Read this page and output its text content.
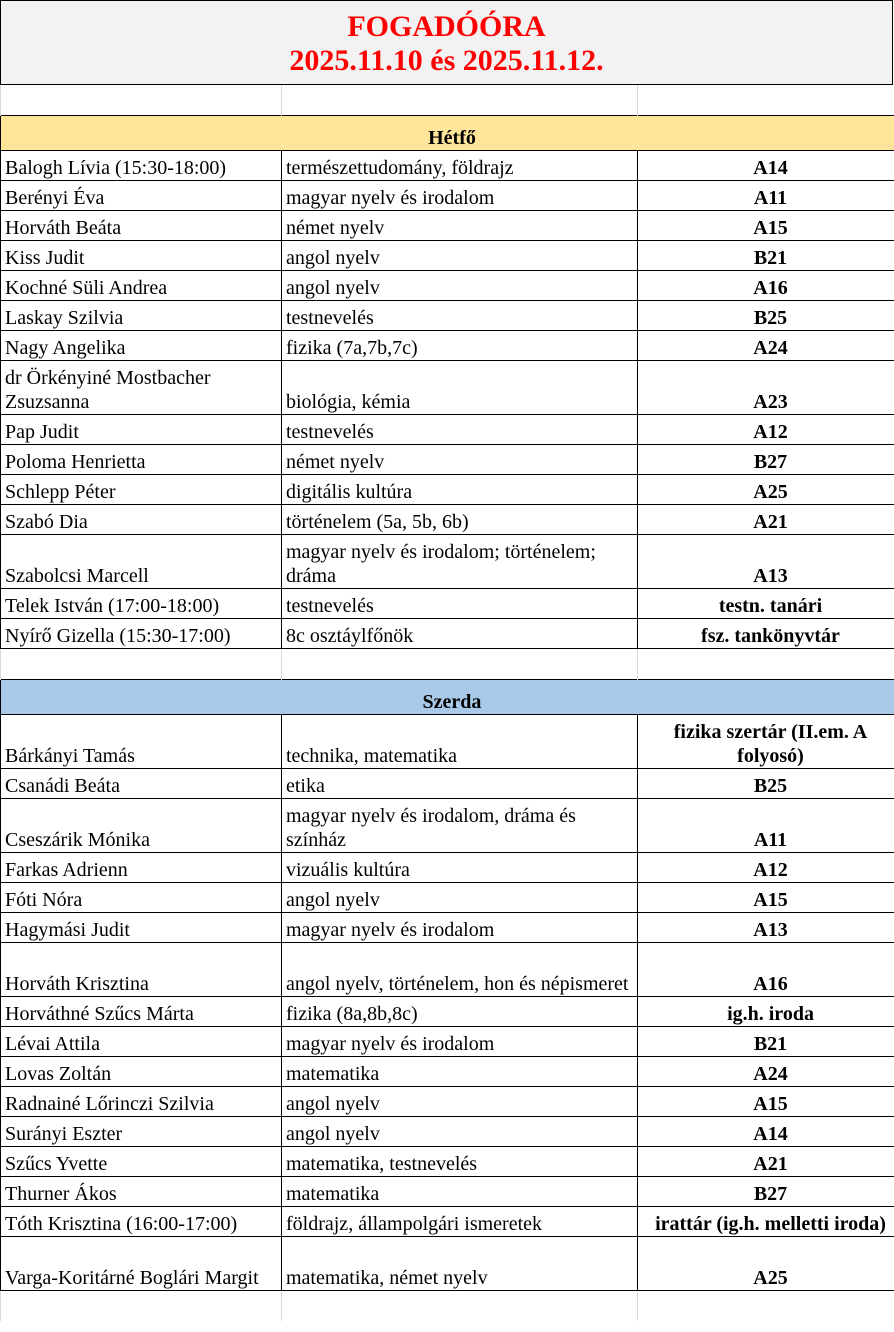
FOGADÓÓRA
2025.11.10 és 2025.11.12.

Hétfő		
Balogh Lívia (15:30-18:00)	természettudomány, földrajz	A14
Berényi Éva	magyar nyelv és irodalom	A11
Horváth Beáta	német nyelv	A15
Kiss Judit	angol nyelv	B21
Kochné Süli Andrea	angol nyelv	A16
Laskay Szilvia	testnevelés	B25
Nagy Angelika	fizika (7a,7b,7c)	A24
dr Örkényiné Mostbacher Zsuzsanna	biológia, kémia	A23
Pap Judit	testnevelés	A12
Poloma Henrietta	német nyelv	B27
Schlepp Péter	digitális kultúra	A25
Szabó Dia	történelem (5a, 5b, 6b)	A21
Szabolcsi Marcell	magyar nyelv és irodalom; történelem; dráma	A13
Telek István (17:00-18:00)	testnevelés	testn. tanári
Nyírő Gizella (15:30-17:00)	8c osztáylfőnök	fsz. tankönyvtár

Szerda		
Bárkányi Tamás	technika, matematika	fizika szertár (II.em. A folyosó)
Csanádi Beáta	etika	B25
Cseszárik Mónika	magyar nyelv és irodalom, dráma és színház	A11
Farkas Adrienn	vizuális kultúra	A12
Fóti Nóra	angol nyelv	A15
Hagymási Judit	magyar nyelv és irodalom	A13
Horváth Krisztina	angol nyelv, történelem, hon és népismeret	A16
Horváthné Szűcs Márta	fizika (8a,8b,8c)	ig.h. iroda
Lévai Attila	magyar nyelv és irodalom	B21
Lovas Zoltán	matematika	A24
Radnainé Lőrinczi Szilvia	angol nyelv	A15
Surányi Eszter	angol nyelv	A14
Szűcs Yvette	matematika, testnevelés	A21
Thurner Ákos	matematika	B27
Tóth Krisztina (16:00-17:00)	földrajz, állampolgári ismeretek	irattár (ig.h. melletti iroda)
Varga-Koritárné Boglári Margit	matematika, német nyelv	A25
